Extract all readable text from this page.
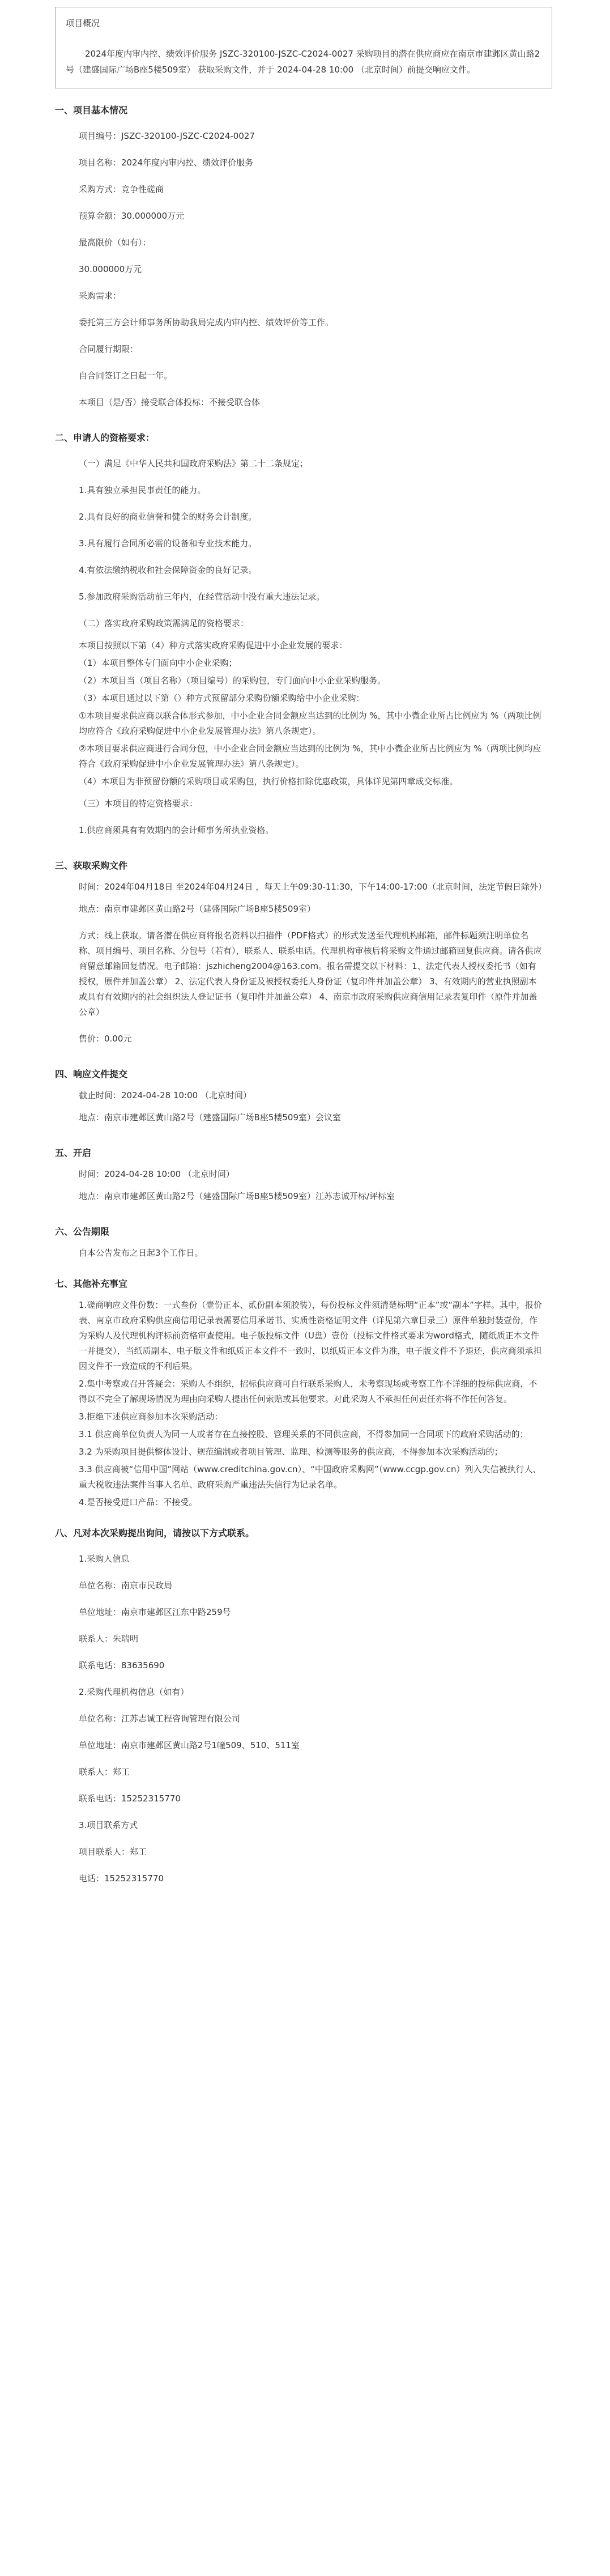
项目概况

2024年度内审内控、绩效评价服务 JSZC-320100-JSZC-C2024-0027 采购项目的潜在供应商应在南京市建邺区黄山路2号（建盛国际广场B座5楼509室） 获取采购文件，并于 2024-04-28 10:00 （北京时间）前提交响应文件。

一、项目基本情况
项目编号：JSZC-320100-JSZC-C2024-0027
项目名称：2024年度内审内控、绩效评价服务
采购方式：竞争性磋商
预算金额：30.000000万元
最高限价（如有）：
30.000000万元
采购需求：
委托第三方会计师事务所协助我局完成内审内控、绩效评价等工作。
合同履行期限：
自合同签订之日起一年。
本项目（是/否）接受联合体投标：不接受联合体
二、申请人的资格要求：
（一）满足《中华人民共和国政府采购法》第二十二条规定；
1.具有独立承担民事责任的能力。
2.具有良好的商业信誉和健全的财务会计制度。
3.具有履行合同所必需的设备和专业技术能力。
4.有依法缴纳税收和社会保障资金的良好记录。
5.参加政府采购活动前三年内，在经营活动中没有重大违法记录。
（二）落实政府采购政策需满足的资格要求：
本项目按照以下第（4）种方式落实政府采购促进中小企业发展的要求：
（1）本项目整体专门面向中小企业采购；
（2）本项目当（项目名称）（项目编号）的采购包，专门面向中小企业采购服务。
（3）本项目通过以下第（）种方式预留部分采购份额采购给中小企业采购：
①本项目要求供应商以联合体形式参加，中小企业合同金额应当达到的比例为 %，其中小微企业所占比例应为 %（两项比例均应符合《政府采购促进中小企业发展管理办法》第八条规定）。
②本项目要求供应商进行合同分包，中小企业合同金额应当达到的比例为 %，其中小微企业所占比例应为 %（两项比例均应符合《政府采购促进中小企业发展管理办法》第八条规定）。
（4）本项目为非预留份额的采购项目或采购包，执行价格扣除优惠政策，具体详见第四章成交标准。
（三）本项目的特定资格要求：
1.供应商须具有有效期内的会计师事务所执业资格。
三、获取采购文件
时间：2024年04月18日 至2024年04月24日 ，每天上午09:30-11:30，下午14:00-17:00（北京时间，法定节假日除外）
地点：南京市建邺区黄山路2号（建盛国际广场B座5楼509室）
方式：线上获取。请各潜在供应商将报名资料以扫描件（PDF格式）的形式发送至代理机构邮箱，邮件标题须注明单位名称、项目编号、项目名称、分包号（若有），联系人、联系电话。代理机构审核后将采购文件通过邮箱回复供应商。请各供应商留意邮箱回复情况。电子邮箱：jszhicheng2004@163.com。报名需提交以下材料：1、法定代表人授权委托书（如有授权，原件并加盖公章） 2、法定代表人身份证及被授权委托人身份证（复印件并加盖公章） 3、有效期内的营业执照副本或具有有效期内的社会组织法人登记证书（复印件并加盖公章） 4、南京市政府采购供应商信用记录表复印件（原件并加盖公章）
售价：0.00元
四、响应文件提交
截止时间：2024-04-28 10:00 （北京时间）
地点：南京市建邺区黄山路2号（建盛国际广场B座5楼509室）会议室
五、开启
时间：2024-04-28 10:00 （北京时间）
地点：南京市建邺区黄山路2号（建盛国际广场B座5楼509室）江苏志诚开标/评标室
六、公告期限
自本公告发布之日起3个工作日。
七、其他补充事宜
1.磋商响应文件份数：一式叁份（壹份正本、贰份副本须胶装），每份投标文件须清楚标明“正本”或“副本”字样。其中，报价表、南京市政府采购供应商信用记录表需要信用承诺书、实质性资格证明文件（详见第六章目录三）原件单独封装壹份，作为采购人及代理机构评标前资格审查使用。电子版投标文件（U盘）壹份（投标文件格式要求为word格式，随纸质正本文件一并提交），当纸质副本、电子版文件和纸质正本文件不一致时，以纸质正本文件为准，电子版文件不予退还，供应商须承担因文件不一致造成的不利后果。
2.集中考察或召开答疑会：采购人不组织，招标供应商可自行联系采购人，未考察现场或考察工作不详细的投标供应商，不得以不完全了解现场情况为理由向采购人提出任何索赔或其他要求。对此采购人不承担任何责任亦将不作任何答复。
3.拒绝下述供应商参加本次采购活动：
3.1 供应商单位负责人为同一人或者存在直接控股、管理关系的不同供应商，不得参加同一合同项下的政府采购活动的；
3.2 为采购项目提供整体设计、规范编制或者项目管理、监理、检测等服务的供应商，不得参加本次采购活动的；
3.3 供应商被“信用中国”网站（www.creditchina.gov.cn）、“中国政府采购网”（www.ccgp.gov.cn）列入失信被执行人、重大税收违法案件当事人名单、政府采购严重违法失信行为记录名单。
4.是否接受进口产品：不接受。
八、凡对本次采购提出询问，请按以下方式联系。
1.采购人信息
单位名称：南京市民政局
单位地址：南京市建邺区江东中路259号
联系人：朱瑞明
联系电话：83635690
2.采购代理机构信息（如有）
单位名称：江苏志诚工程咨询管理有限公司
单位地址：南京市建邺区黄山路2号1幢509、510、511室
联系人：郑工
联系电话：15252315770
3.项目联系方式
项目联系人：郑工
电话：15252315770
